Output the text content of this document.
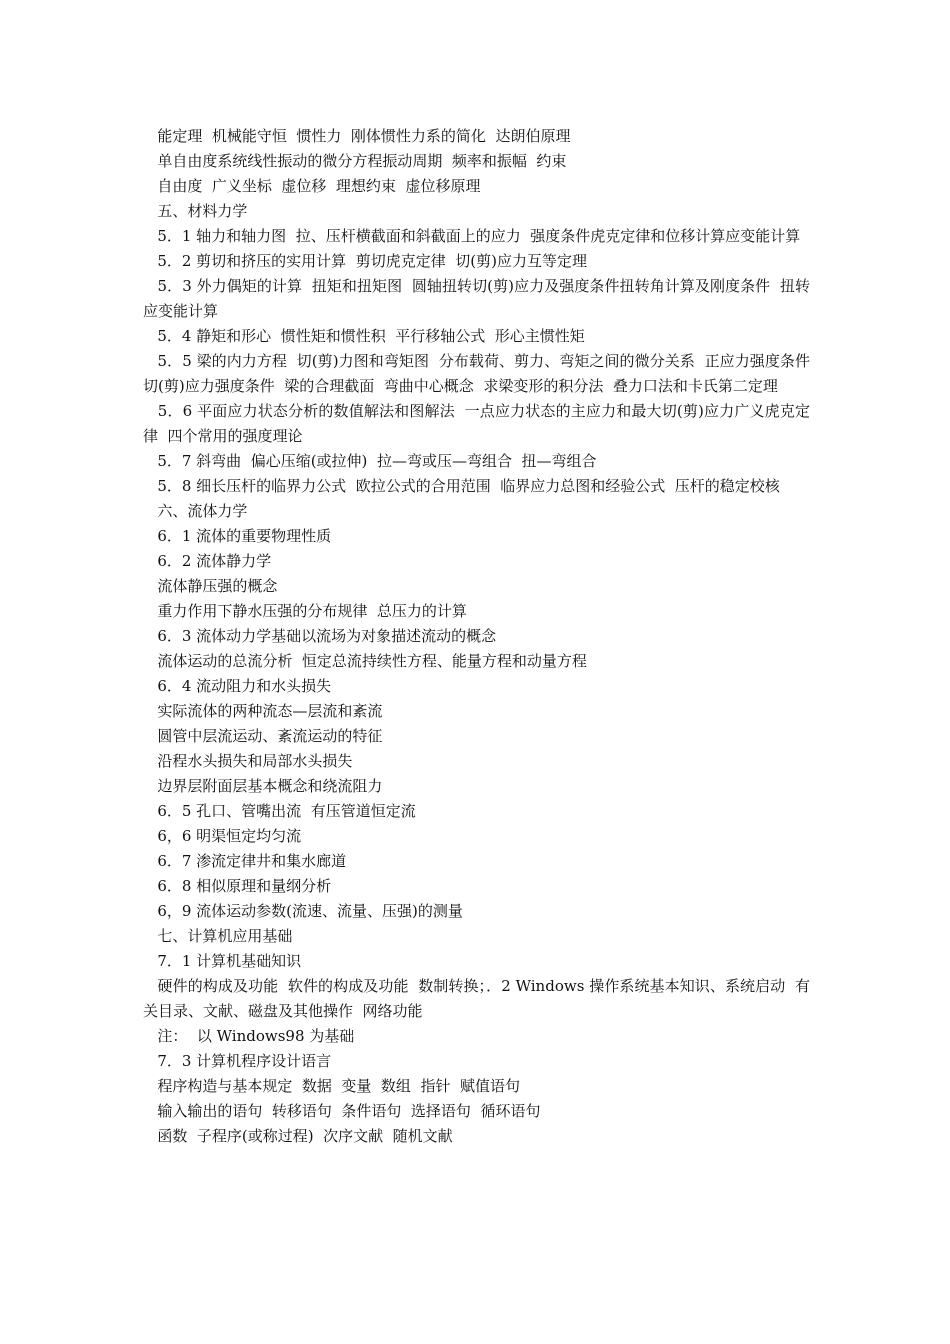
能定理  机械能守恒  惯性力  刚体惯性力系的简化  达朗伯原理

单自由度系统线性振动的微分方程振动周期  频率和振幅  约束

自由度  广义坐标  虚位移  理想约束  虚位移原理

五、材料力学

5．1 轴力和轴力图  拉、压杆横截面和斜截面上的应力  强度条件虎克定律和位移计算应变能计算

5．2 剪切和挤压的实用计算  剪切虎克定律  切(剪)应力互等定理

5．3 外力偶矩的计算  扭矩和扭矩图  圆轴扭转切(剪)应力及强度条件扭转角计算及刚度条件  扭转应变能计算

5．4 静矩和形心  惯性矩和惯性积  平行移轴公式  形心主惯性矩

5．5 梁的内力方程  切(剪)力图和弯矩图  分布载荷、剪力、弯矩之间的微分关系  正应力强度条件  切(剪)应力强度条件  梁的合理截面  弯曲中心概念  求梁变形的积分法  叠力口法和卡氏第二定理

5．6 平面应力状态分析的数值解法和图解法  一点应力状态的主应力和最大切(剪)应力广义虎克定律  四个常用的强度理论

5．7 斜弯曲  偏心压缩(或拉伸)  拉—弯或压—弯组合  扭—弯组合

5．8 细长压杆的临界力公式  欧拉公式的合用范围  临界应力总图和经验公式  压杆的稳定校核

六、流体力学

6．1 流体的重要物理性质

6．2 流体静力学

流体静压强的概念

重力作用下静水压强的分布规律  总压力的计算

6．3 流体动力学基础以流场为对象描述流动的概念

流体运动的总流分析  恒定总流持续性方程、能量方程和动量方程

6．4 流动阻力和水头损失

实际流体的两种流态—层流和紊流

圆管中层流运动、紊流运动的特征

沿程水头损失和局部水头损失

边界层附面层基本概念和绕流阻力

6．5 孔口、管嘴出流  有压管道恒定流

6，6 明渠恒定均匀流

6．7 渗流定律井和集水廊道

6．8 相似原理和量纲分析

6，9 流体运动参数(流速、流量、压强)的测量

七、计算机应用基础

7．1 计算机基础知识

硬件的构成及功能  软件的构成及功能  数制转换；．2 Windows 操作系统基本知识、系统启动  有关目录、文献、磁盘及其他操作  网络功能

注：  以 Windows98 为基础

7．3 计算机程序设计语言

程序构造与基本规定  数据  变量  数组  指针  赋值语句

输入输出的语句  转移语句  条件语句  选择语句  循环语句

函数  子程序(或称过程)  次序文献  随机文献
